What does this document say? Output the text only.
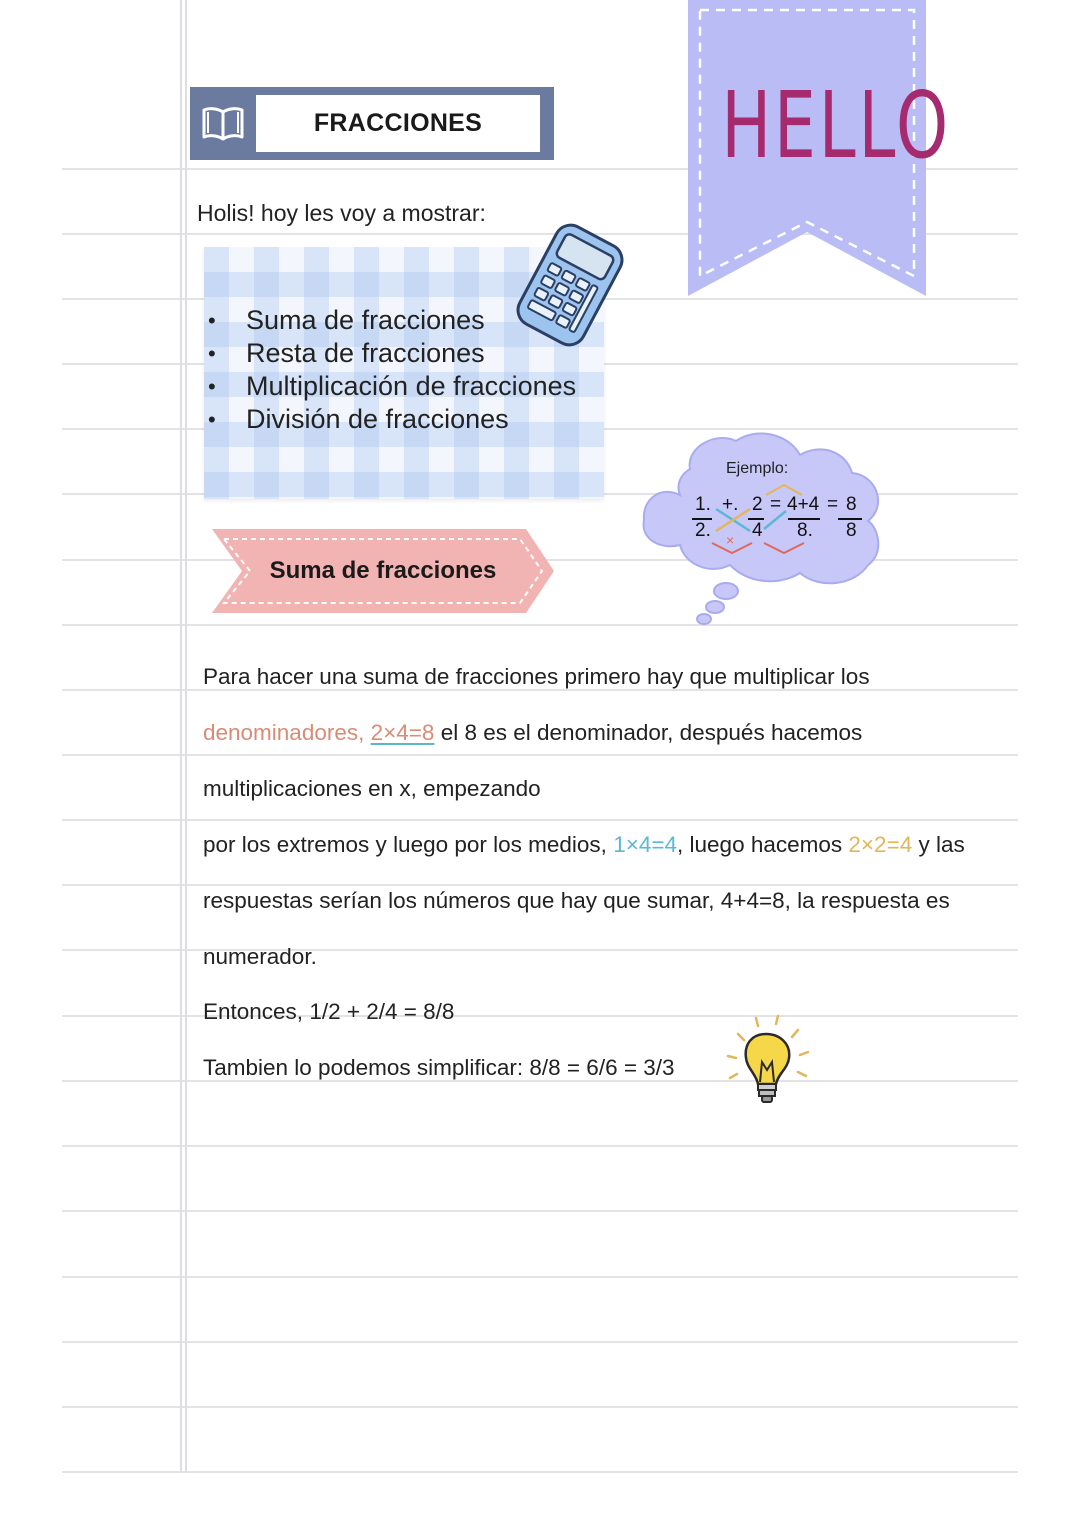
FRACCIONES	HELLO
Holis! hoy les voy a mostrar:
• Suma de fracciones
• Resta de fracciones
• Multiplicación de fracciones
• División de fracciones
Ejemplo:
1.
2.
+. 2
4
= 4+4
8.
= 8
8
×
Suma de fracciones
Para hacer una suma de fracciones primero hay que multiplicar los
denominadores, 2×4=8 el 8 es el denominador, después hacemos
multiplicaciones en x, empezando
por los extremos y luego por los medios, 1×4=4, luego hacemos 2×2=4 y las
respuestas serían los números que hay que sumar, 4+4=8, la respuesta es
numerador.
Entonces, 1/2 + 2/4 = 8/8
Tambien lo podemos simplificar: 8/8 = 6/6 = 3/3
